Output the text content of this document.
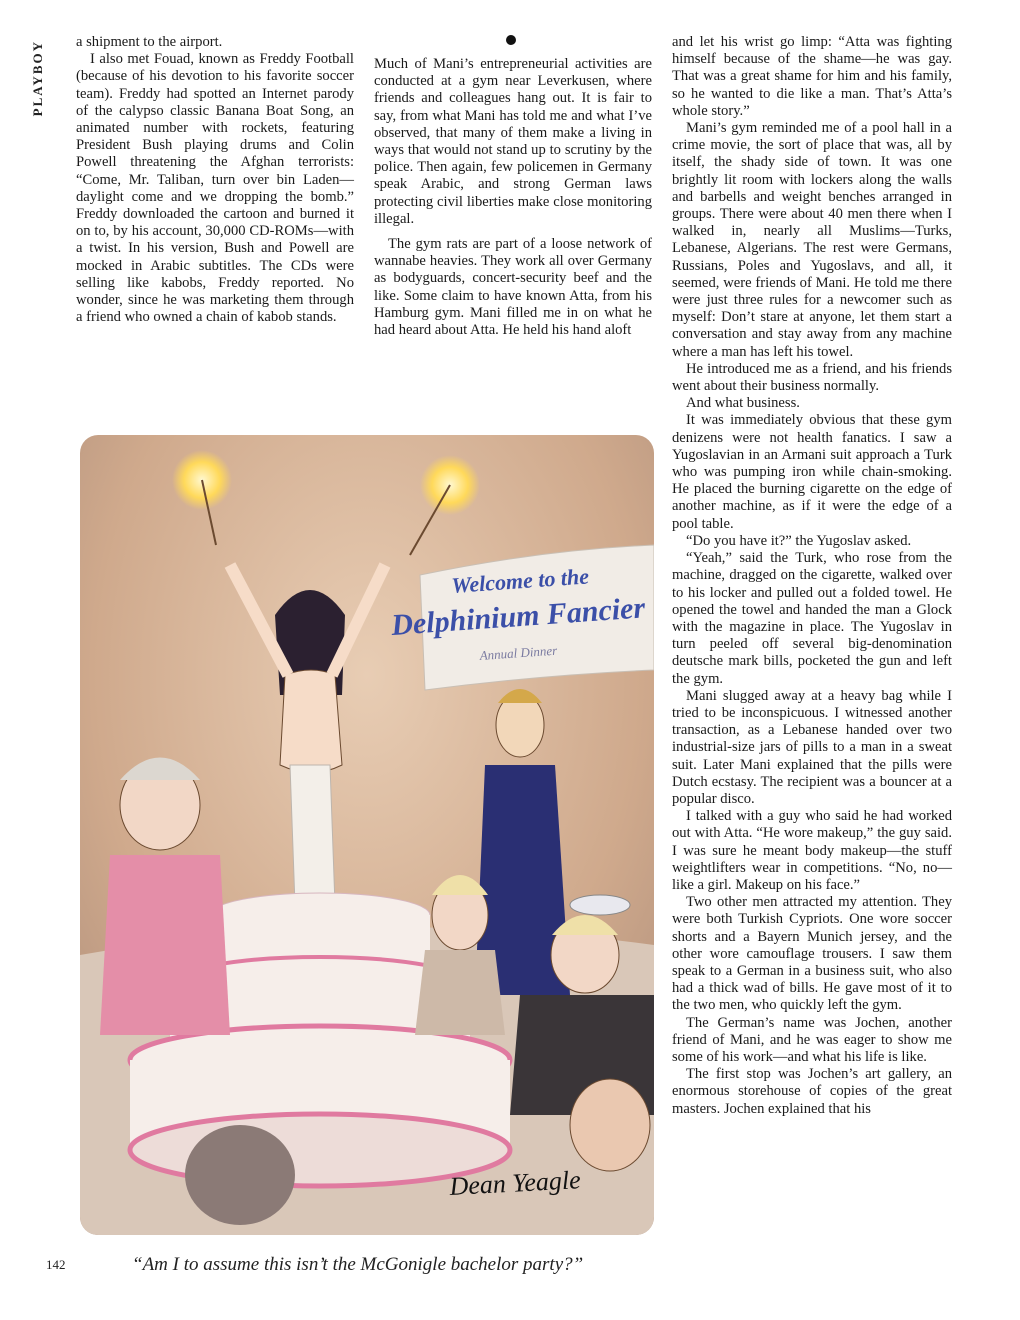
PLAYBOY	a shipment to the airport.

I also met Fouad, known as Freddy Football (because of his devotion to his favorite soccer team). Freddy had spotted an Internet parody of the calypso classic Banana Boat Song, an animated number with rockets, featuring President Bush playing drums and Colin Powell threatening the Afghan terrorists: “Come, Mr. Taliban, turn over bin Laden—daylight come and we dropping the bomb.” Freddy downloaded the cartoon and burned it on to, by his account, 30,000 CD-ROMs—with a twist. In his version, Bush and Powell are mocked in Arabic subtitles. The CDs were selling like kabobs, Freddy reported. No wonder, since he was marketing them through a friend who owned a chain of kabob stands.

Much of Mani’s entrepreneurial activities are conducted at a gym near Leverkusen, where friends and colleagues hang out. It is fair to say, from what Mani has told me and what I’ve observed, that many of them make a living in ways that would not stand up to scrutiny by the police. Then again, few policemen in Germany speak Arabic, and strong German laws protecting civil liberties make close monitoring illegal.

The gym rats are part of a loose network of wannabe heavies. They work all over Germany as bodyguards, concert-security beef and the like. Some claim to have known Atta, from his Hamburg gym. Mani filled me in on what he had heard about Atta. He held his hand aloft

and let his wrist go limp: “Atta was fighting himself because of the shame—he was gay. That was a great shame for him and his family, so he wanted to die like a man. That’s Atta’s whole story.”

Mani’s gym reminded me of a pool hall in a crime movie, the sort of place that was, all by itself, the shady side of town. It was one brightly lit room with lockers along the walls and barbells and weight benches arranged in groups. There were about 40 men there when I walked in, nearly all Muslims—Turks, Lebanese, Algerians. The rest were Germans, Russians, Poles and Yugoslavs, and all, it seemed, were friends of Mani. He told me there were just three rules for a newcomer such as myself: Don’t stare at anyone, let them start a conversation and stay away from any machine where a man has left his towel.

He introduced me as a friend, and his friends went about their business normally.

And what business.

It was immediately obvious that these gym denizens were not health fanatics. I saw a Yugoslavian in an Armani suit approach a Turk who was pumping iron while chain-smoking. He placed the burning cigarette on the edge of another machine, as if it were the edge of a pool table.

“Do you have it?” the Yugoslav asked.

“Yeah,” said the Turk, who rose from the machine, dragged on the cigarette, walked over to his locker and pulled out a folded towel. He opened the towel and handed the man a Glock with the magazine in place. The Yugoslav in turn peeled off several big-denomination deutsche mark bills, pocketed the gun and left the gym.

Mani slugged away at a heavy bag while I tried to be inconspicuous. I witnessed another transaction, as a Lebanese handed over two industrial-size jars of pills to a man in a sweat suit. Later Mani explained that the pills were Dutch ecstasy. The recipient was a bouncer at a popular disco.

I talked with a guy who said he had worked out with Atta. “He wore makeup,” the guy said. I was sure he meant body makeup—the stuff weightlifters wear in competitions. “No, no—like a girl. Makeup on his face.”

Two other men attracted my attention. They were both Turkish Cypriots. One wore soccer shorts and a Bayern Munich jersey, and the other wore camouflage trousers. I saw them speak to a German in a business suit, who also had a thick wad of bills. He gave most of it to the two men, who quickly left the gym.

The German’s name was Jochen, another friend of Mani, and he was eager to show me some of his work—and what his life is like.

The first stop was Jochen’s art gallery, an enormous storehouse of copies of the great masters. Jochen explained that his

Welcome to the
Delphinium Fancier
Annual Dinner
Dean Yeagle
142	“Am I to assume this isn’t the McGonigle bachelor party?”
